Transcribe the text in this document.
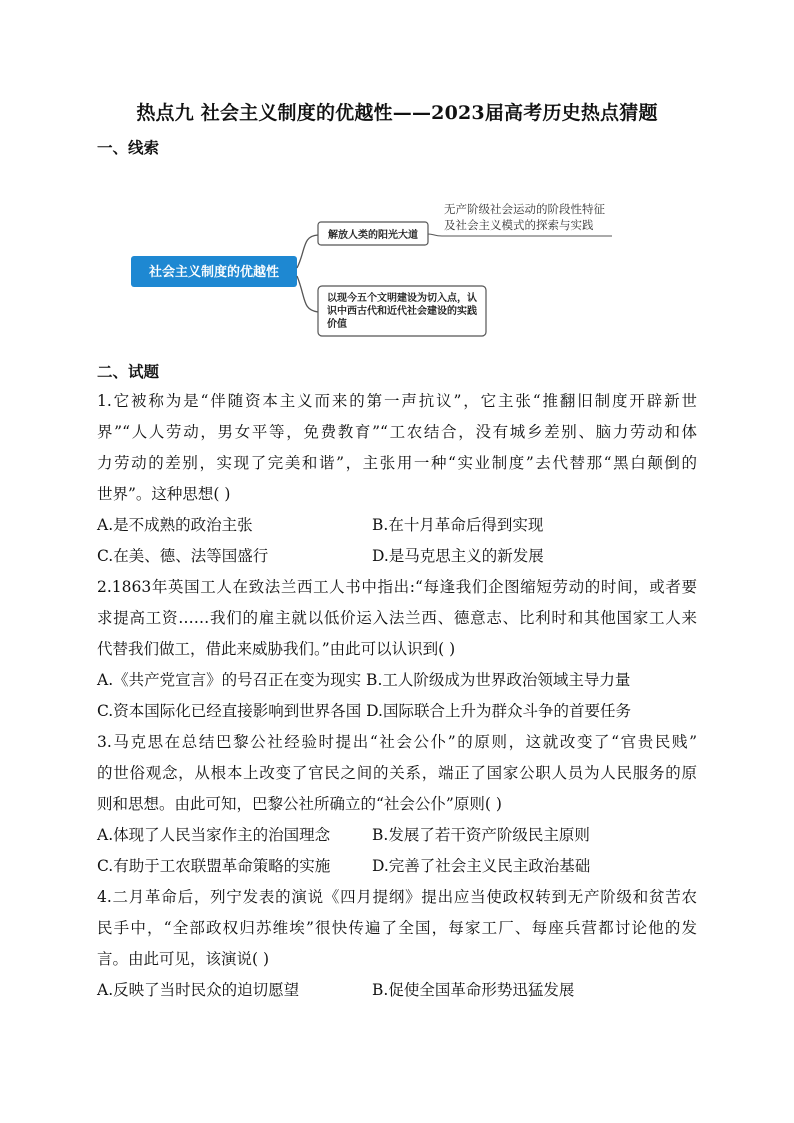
热点九 社会主义制度的优越性——2023届高考历史热点猜题
一、线索
社会主义制度的优越性
解放人类的阳光大道
无产阶级社会运动的阶段性特征
及社会主义模式的探索与实践
以现今五个文明建设为切入点，认
识中西古代和近代社会建设的实践
价值
二、试题
1.它被称为是“伴随资本主义而来的第一声抗议”，它主张“推翻旧制度开辟新世
界”“人人劳动，男女平等，免费教育”“工农结合，没有城乡差别、脑力劳动和体
力劳动的差别，实现了完美和谐”，主张用一种“实业制度”去代替那“黑白颠倒的
世界”。这种思想( )
A.是不成熟的政治主张	B.在十月革命后得到实现
C.在美、德、法等国盛行	D.是马克思主义的新发展
2.1863年英国工人在致法兰西工人书中指出:“每逢我们企图缩短劳动的时间，或者要
求提高工资……我们的雇主就以低价运入法兰西、德意志、比利时和其他国家工人来
代替我们做工，借此来威胁我们。”由此可以认识到( )
A.《共产党宣言》的号召正在变为现实 B.工人阶级成为世界政治领域主导力量
C.资本国际化已经直接影响到世界各国 D.国际联合上升为群众斗争的首要任务
3.马克思在总结巴黎公社经验时提出“社会公仆”的原则，这就改变了“官贵民贱”
的世俗观念，从根本上改变了官民之间的关系，端正了国家公职人员为人民服务的原
则和思想。由此可知，巴黎公社所确立的“社会公仆”原则( )
A.体现了人民当家作主的治国理念	B.发展了若干资产阶级民主原则
C.有助于工农联盟革命策略的实施	D.完善了社会主义民主政治基础
4.二月革命后，列宁发表的演说《四月提纲》提出应当使政权转到无产阶级和贫苦农
民手中，“全部政权归苏维埃”很快传遍了全国，每家工厂、每座兵营都讨论他的发
言。由此可见，该演说( )
A.反映了当时民众的迫切愿望	B.促使全国革命形势迅猛发展
